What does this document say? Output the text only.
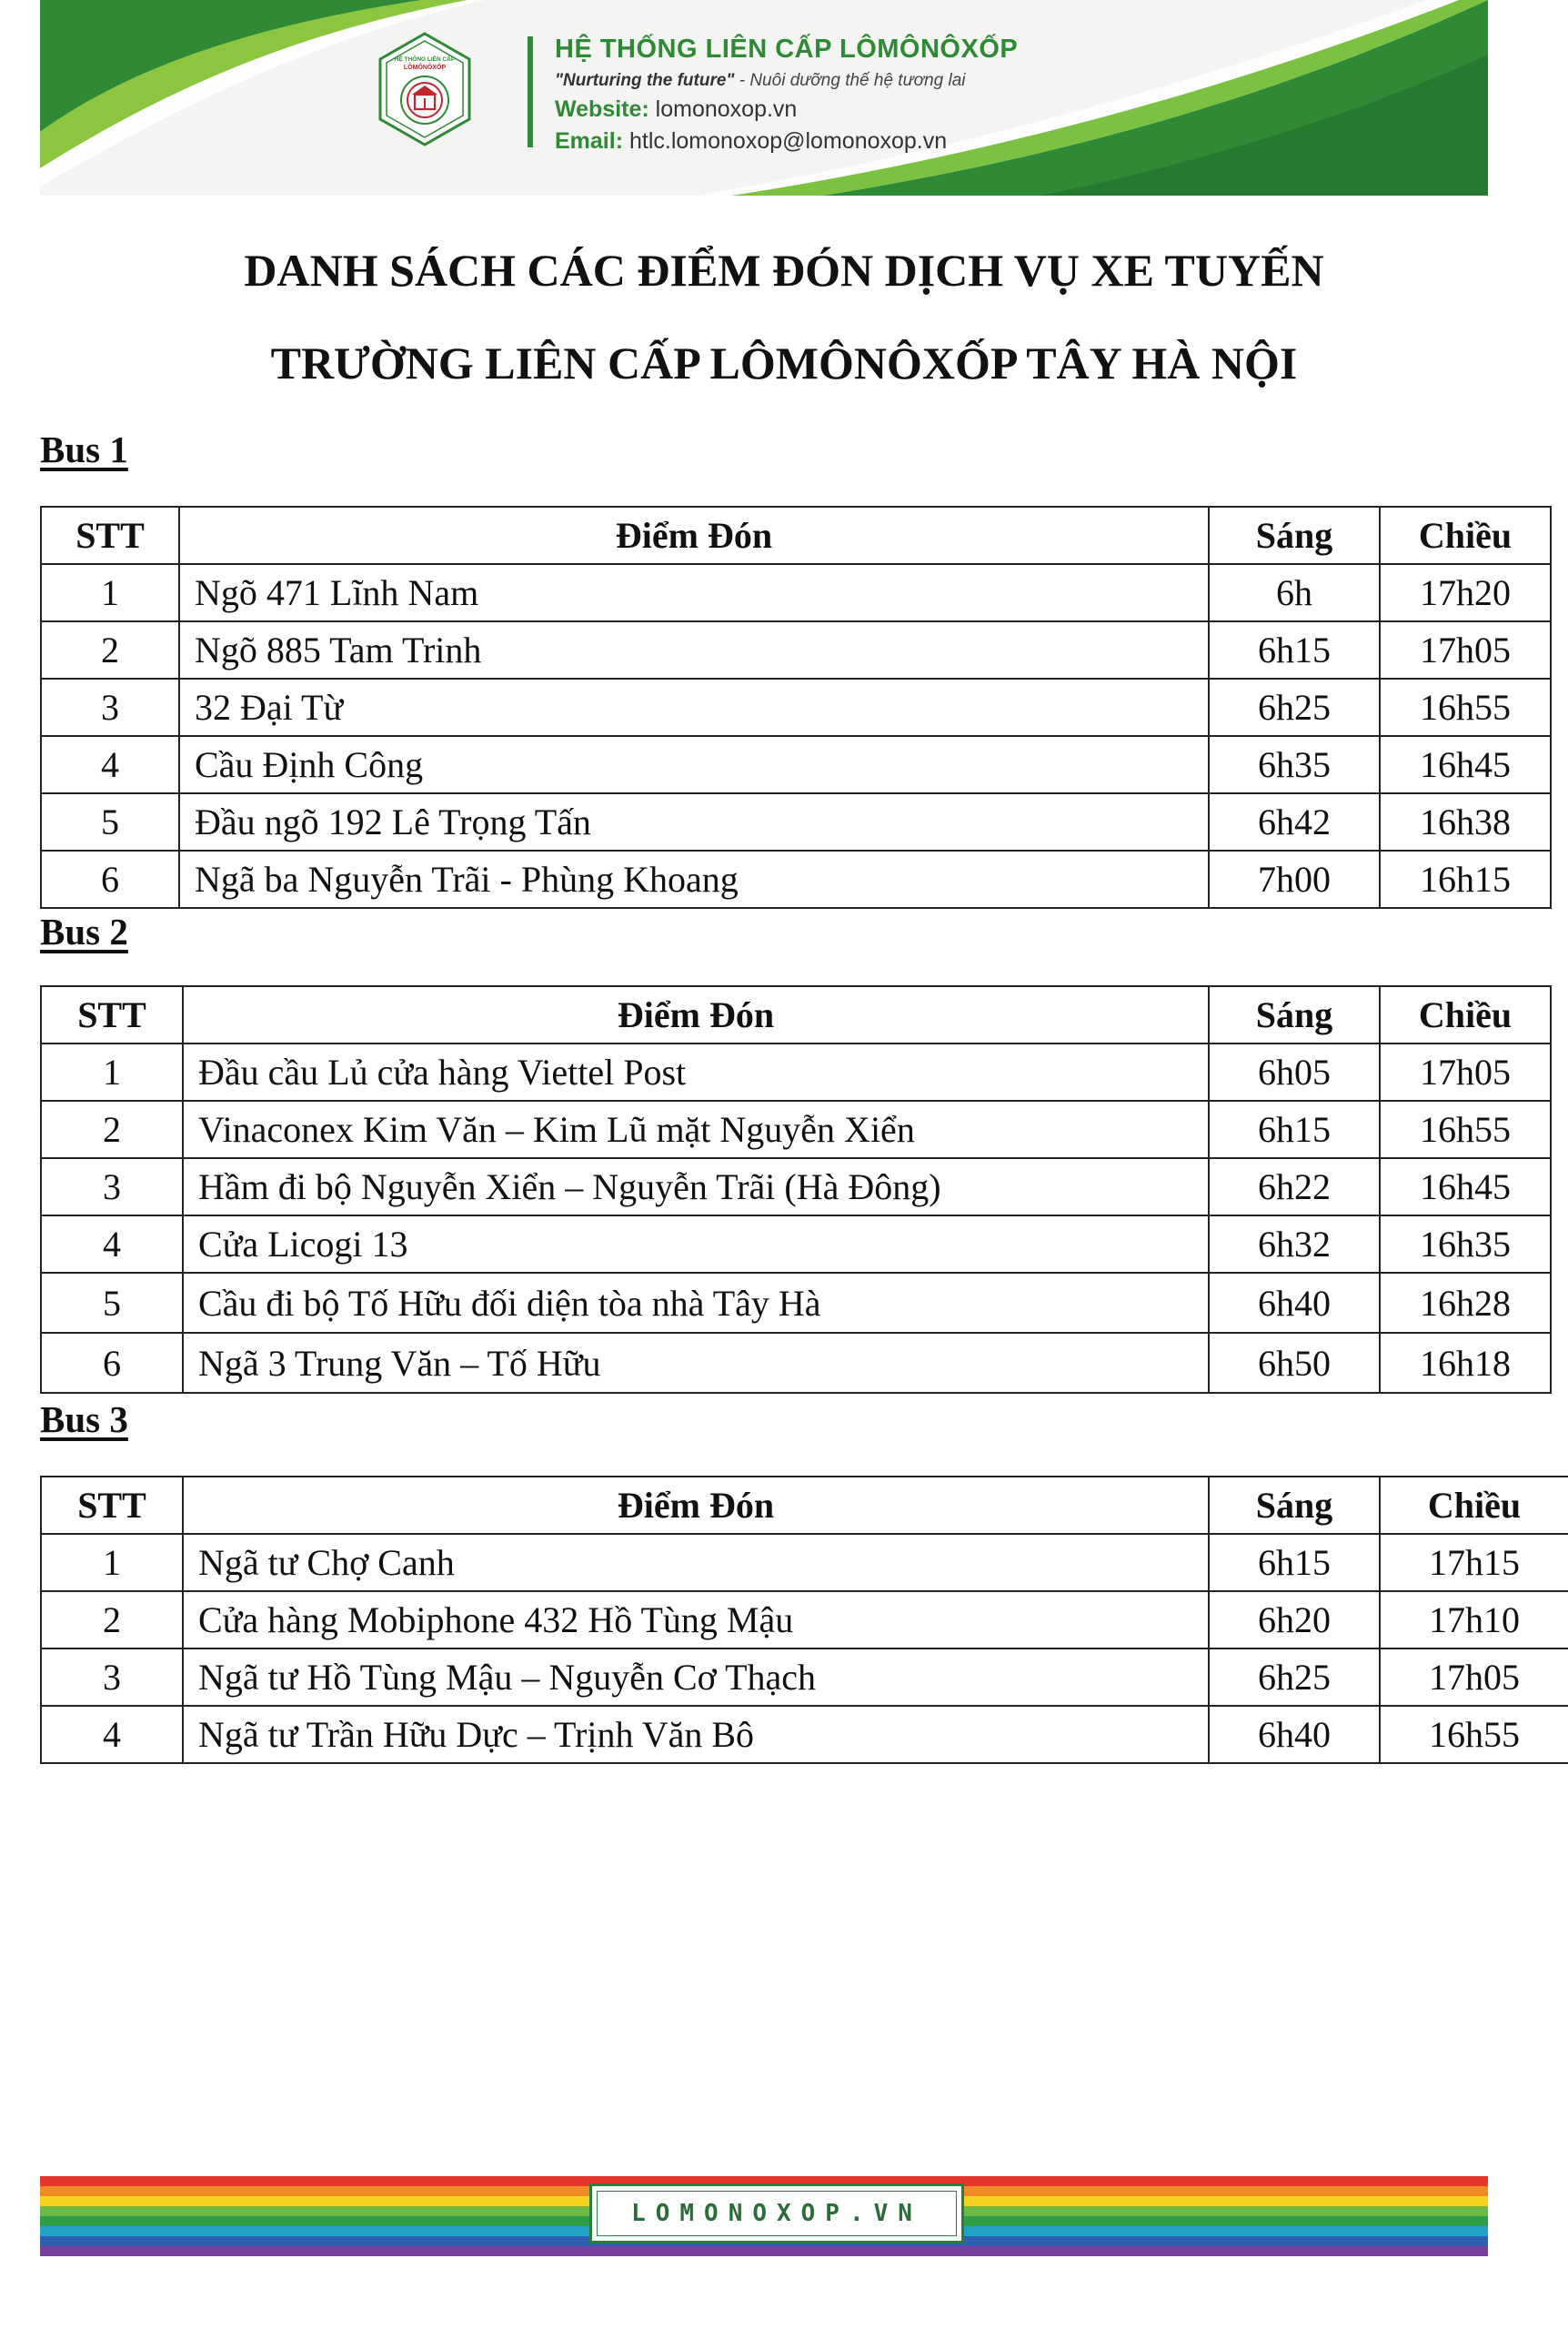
HỆ THỐNG LIÊN CẤP
LÔMÔNÔXỐP
HỆ THỐNG LIÊN CẤP LÔMÔNÔXỐP
"Nurturing the future" - Nuôi dưỡng thế hệ tương lai
Website: lomonoxop.vn
Email: htlc.lomonoxop@lomonoxop.vn
DANH SÁCH CÁC ĐIỂM ĐÓN DỊCH VỤ XE TUYẾN
TRƯỜNG LIÊN CẤP LÔMÔNÔXỐP TÂY HÀ NỘI
Bus 1
STT	Điểm Đón	Sáng	Chiều
1	Ngõ 471 Lĩnh Nam	6h	17h20
2	Ngõ 885 Tam Trinh	6h15	17h05
3	32 Đại Từ	6h25	16h55
4	Cầu Định Công	6h35	16h45
5	Đầu ngõ 192 Lê Trọng Tấn	6h42	16h38
6	Ngã ba Nguyễn Trãi - Phùng Khoang	7h00	16h15
Bus 2
STT	Điểm Đón	Sáng	Chiều
1	Đầu cầu Lủ cửa hàng Viettel Post	6h05	17h05
2	Vinaconex Kim Văn – Kim Lũ mặt Nguyễn Xiển	6h15	16h55
3	Hầm đi bộ Nguyễn Xiển – Nguyễn Trãi (Hà Đông)	6h22	16h45
4	Cửa Licogi 13	6h32	16h35
5	Cầu đi bộ Tố Hữu đối diện tòa nhà Tây Hà	6h40	16h28
6	Ngã 3 Trung Văn – Tố Hữu	6h50	16h18
Bus 3
STT	Điểm Đón	Sáng	Chiều
1	Ngã tư Chợ Canh	6h15	17h15
2	Cửa hàng Mobiphone 432 Hồ Tùng Mậu	6h20	17h10
3	Ngã tư Hồ Tùng Mậu – Nguyễn Cơ Thạch	6h25	17h05
4	Ngã tư Trần Hữu Dực – Trịnh Văn Bô	6h40	16h55
LOMONOXOP.VN
